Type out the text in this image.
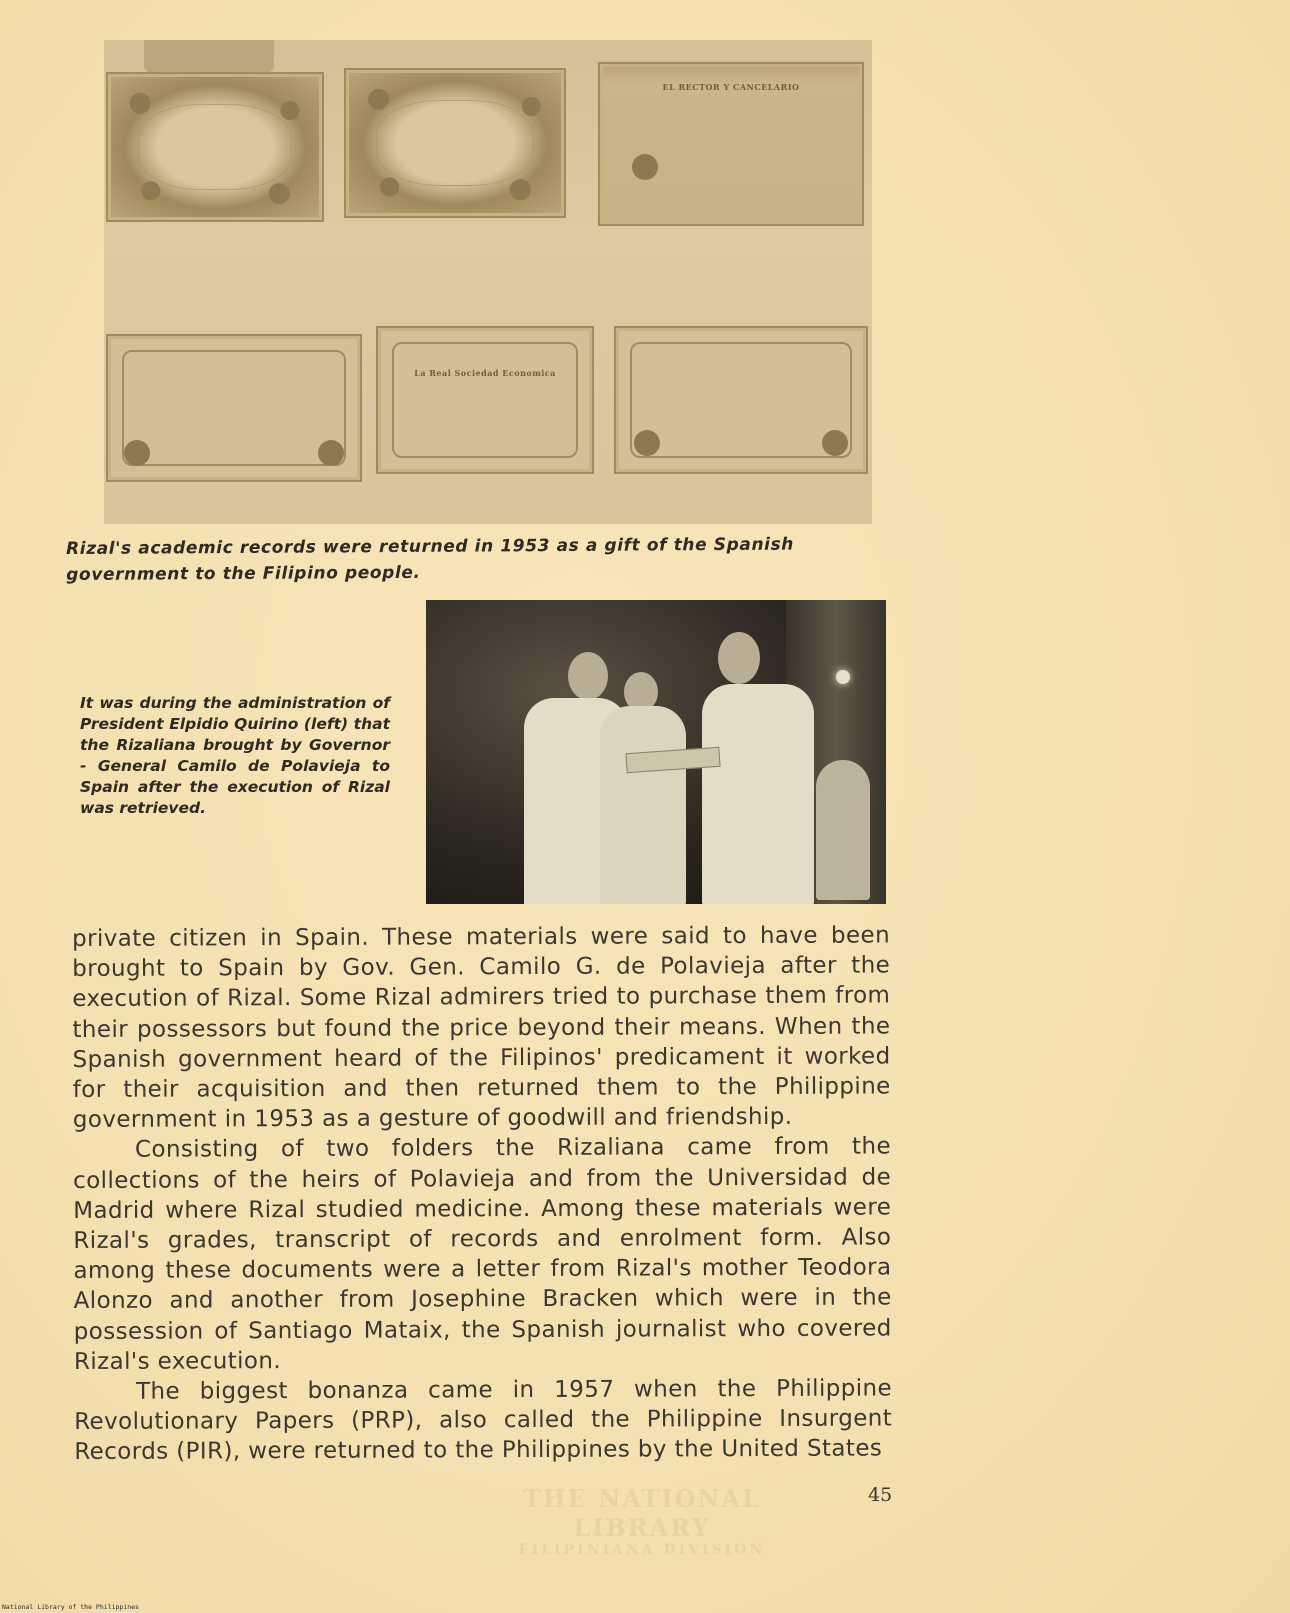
EL RECTOR Y CANCELARIO
La Real Sociedad Economica
Rizal's academic records were returned in 1953 as a gift of the Spanish government to the Filipino people.
It was during the administration of President Elpidio Quirino (left) that the Rizaliana brought by Governor - General Camilo de Polavieja to Spain after the execution of Rizal was retrieved.

private citizen in Spain. These materials were said to have been brought to Spain by Gov. Gen. Camilo G. de Polavieja after the execution of Rizal. Some Rizal admirers tried to purchase them from their possessors but found the price beyond their means. When the Spanish government heard of the Filipinos' predicament it worked for their acquisition and then returned them to the Philippine government in 1953 as a gesture of goodwill and friendship.

Consisting of two folders the Rizaliana came from the collections of the heirs of Polavieja and from the Universidad de Madrid where Rizal studied medicine. Among these materials were Rizal's grades, transcript of records and enrolment form. Also among these documents were a letter from Rizal's mother Teodora Alonzo and another from Josephine Bracken which were in the possession of Santiago Mataix, the Spanish journalist who covered Rizal's execution.

The biggest bonanza came in 1957 when the Philippine Revolutionary Papers (PRP), also called the Philippine Insurgent Records (PIR), were returned to the Philippines by the United States

THE NATIONAL LIBRARY
FILIPINIANA DIVISION
45
National Library of the Philippines
